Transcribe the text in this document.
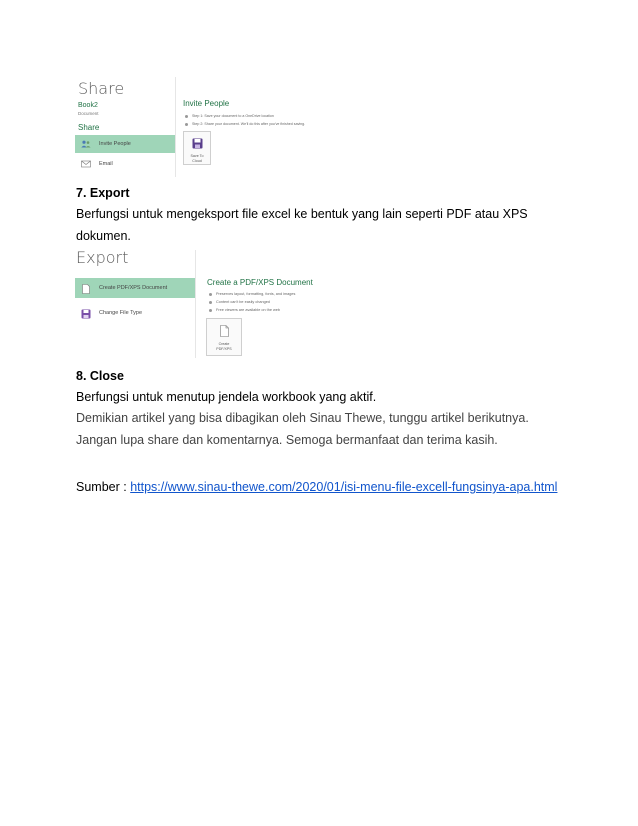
Share
Book2
Document
Share
Invite People
Email
Invite People
Step 1: Save your document to a OneDrive location
Step 2: Share your document. We'll do this after you've finished saving.
Save To
Cloud
7. Export
Berfungsi untuk mengeksport file excel ke bentuk yang lain seperti PDF atau XPS dokumen.
Export
Create PDF/XPS Document
Change File Type
Create a PDF/XPS Document
Preserves layout, formatting, fonts, and images
Content can't be easily changed
Free viewers are available on the web
Create
PDF/XPS
8. Close
Berfungsi untuk menutup jendela workbook yang aktif.
Demikian artikel yang bisa dibagikan oleh Sinau Thewe, tunggu artikel berikutnya.
Jangan lupa share dan komentarnya. Semoga bermanfaat dan terima kasih.
Sumber : https://www.sinau-thewe.com/2020/01/isi-menu-file-excell-fungsinya-apa.html
